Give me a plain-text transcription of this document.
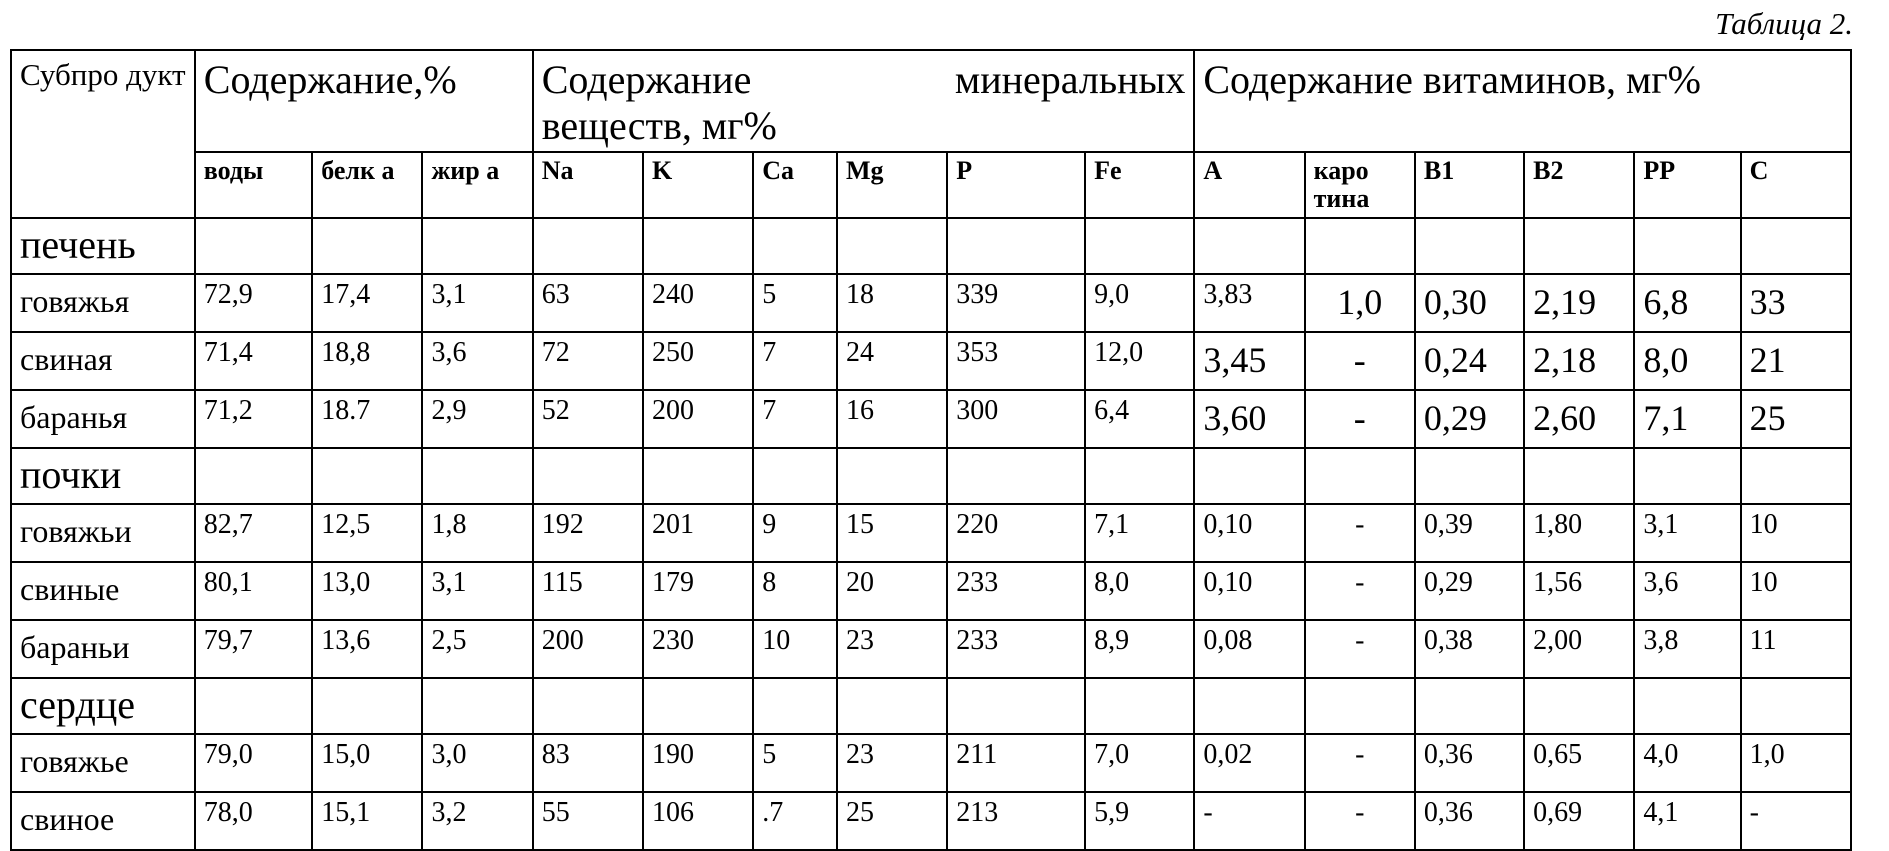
Таблица 2.
Субпро дукт	Содержание,%			Содержание минеральных
веществ, мг%						Содержание витаминов, мг%					
	воды	белк а	жир а	Na	K	Ca	Mg	P	Fe	A	каро тина	B1	B2	PP	C
печень															
говяжья	72,9	17,4	3,1	63	240	5	18	339	9,0	3,83	1,0	0,30	2,19	6,8	33
свиная	71,4	18,8	3,6	72	250	7	24	353	12,0	3,45	-	0,24	2,18	8,0	21
баранья	71,2	18.7	2,9	52	200	7	16	300	6,4	3,60	-	0,29	2,60	7,1	25
почки															
говяжьи	82,7	12,5	1,8	192	201	9	15	220	7,1	0,10	-	0,39	1,80	3,1	10
свиные	80,1	13,0	3,1	115	179	8	20	233	8,0	0,10	-	0,29	1,56	3,6	10
бараньи	79,7	13,6	2,5	200	230	10	23	233	8,9	0,08	-	0,38	2,00	3,8	11
сердце															
говяжье	79,0	15,0	3,0	83	190	5	23	211	7,0	0,02	-	0,36	0,65	4,0	1,0
свиное	78,0	15,1	3,2	55	106	.7	25	213	5,9	-	-	0,36	0,69	4,1	-
